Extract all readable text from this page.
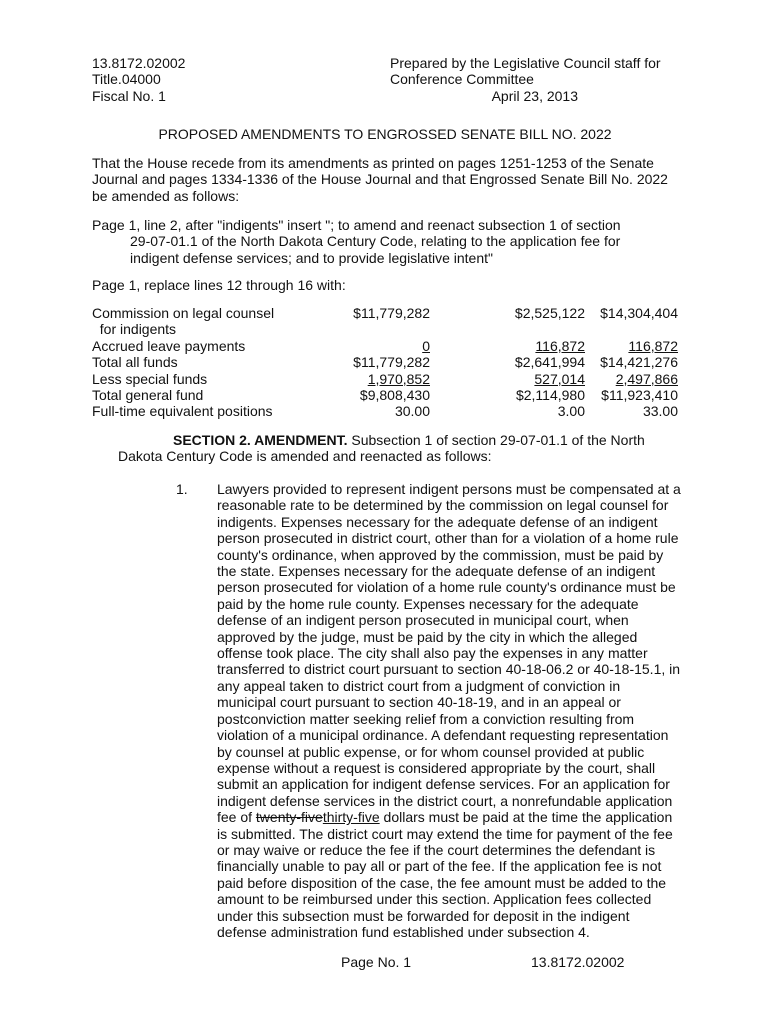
13.8172.02002
Title.04000
Fiscal No. 1
Prepared by the Legislative Council staff for
Conference Committee
April 23, 2013
PROPOSED AMENDMENTS TO ENGROSSED SENATE BILL NO. 2022
That the House recede from its amendments as printed on pages 1251-1253 of the Senate
Journal and pages 1334-1336 of the House Journal and that Engrossed Senate Bill No. 2022
be amended as follows:
Page 1, line 2, after "indigents" insert "; to amend and reenact subsection 1 of section
29-07-01.1 of the North Dakota Century Code, relating to the application fee for
indigent defense services; and to provide legislative intent"
Page 1, replace lines 12 through 16 with:
Commission on legal counsel	$11,779,282	$2,525,122 $14,304,404
for indigents
Accrued leave payments	0	116,872	116,872
Total all funds	$11,779,282	$2,641,994 $14,421,276
Less special funds	1,970,852	527,014 2,497,866
Total general fund	$9,808,430	$2,114,980 $11,923,410
Full-time equivalent positions	30.00	3.00	33.00
SECTION 2. AMENDMENT. Subsection 1 of section 29-07-01.1 of the North
Dakota Century Code is amended and reenacted as follows:
1. Lawyers provided to represent indigent persons must be compensated at a
reasonable rate to be determined by the commission on legal counsel for
indigents. Expenses necessary for the adequate defense of an indigent
person prosecuted in district court, other than for a violation of a home rule
county's ordinance, when approved by the commission, must be paid by
the state. Expenses necessary for the adequate defense of an indigent
person prosecuted for violation of a home rule county's ordinance must be
paid by the home rule county. Expenses necessary for the adequate
defense of an indigent person prosecuted in municipal court, when
approved by the judge, must be paid by the city in which the alleged
offense took place. The city shall also pay the expenses in any matter
transferred to district court pursuant to section 40-18-06.2 or 40-18-15.1, in
any appeal taken to district court from a judgment of conviction in
municipal court pursuant to section 40-18-19, and in an appeal or
postconviction matter seeking relief from a conviction resulting from
violation of a municipal ordinance. A defendant requesting representation
by counsel at public expense, or for whom counsel provided at public
expense without a request is considered appropriate by the court, shall
submit an application for indigent defense services. For an application for
indigent defense services in the district court, a nonrefundable application
fee of twenty-fivethirty-five dollars must be paid at the time the application
is submitted. The district court may extend the time for payment of the fee
or may waive or reduce the fee if the court determines the defendant is
financially unable to pay all or part of the fee. If the application fee is not
paid before disposition of the case, the fee amount must be added to the
amount to be reimbursed under this section. Application fees collected
under this subsection must be forwarded for deposit in the indigent
defense administration fund established under subsection 4.
Page No. 1	13.8172.02002
